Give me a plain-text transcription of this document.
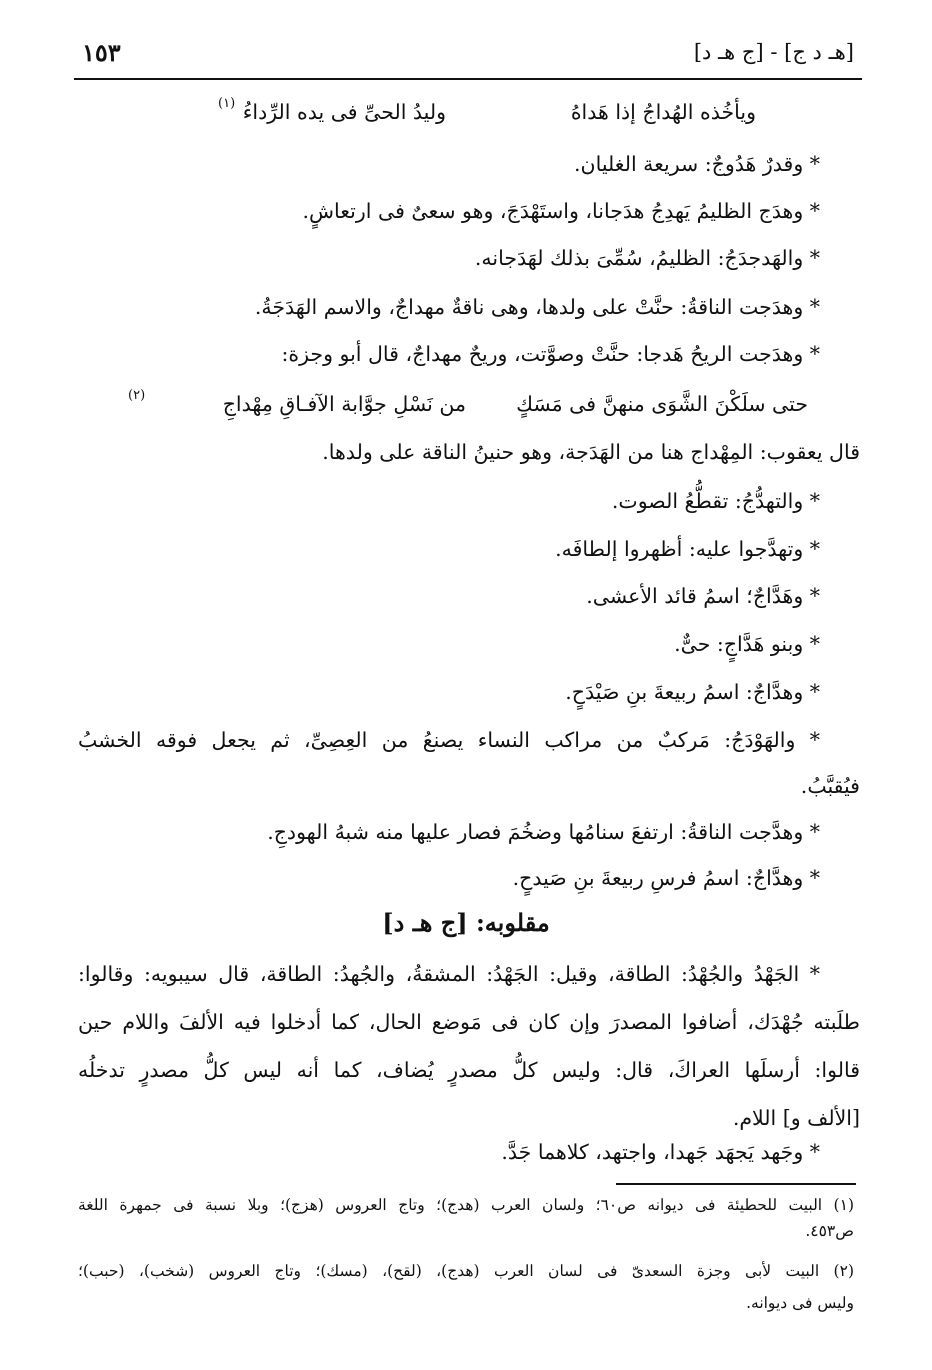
١٥٣	[هـ د ج] - [ج هـ د]
ويأخُذه الهُداجُ إذا هَداهُ
وليدُ الحىِّ فى يده الرِّداءُ
(١)
* وقدرٌ هَدُوجٌ: سريعة الغليان.
* وهدَج الظليمُ يَهدِجُ هدَجانا، واستَهْدَجَ، وهو سعىٌ فى ارتعاشٍ.
* والهَدجدَجُ: الظليمُ، سُمِّىَ بذلك لهَدَجانه.
* وهدَجت الناقةُ: حنَّتْ على ولدها، وهى ناقةٌ مهداجٌ، والاسم الهَدَجَةُ.
* وهدَجت الريحُ هَدجا: حنَّتْ وصوَّتت، وريحٌ مهداجٌ، قال أبو وجزة:
حتى سلَكْنَ الشَّوَى منهنَّ فى مَسَكٍ
من نَسْلِ جوَّابة الآفـاقِ مِهْداجِ
(٢)
قال يعقوب: المِهْداج هنا من الهَدَجة، وهو حنينُ الناقة على ولدها.
* والتهدُّجُ: تقطُّعُ الصوت.
* وتهدَّجوا عليه: أظهروا إلطافَه.
* وهَدَّاجٌ؛ اسمُ قائد الأعشى.
* وبنو هَدَّاجٍ: حىٌّ.
* وهدَّاجٌ: اسمُ ربيعةَ بنِ صَيْدَحٍ.
* والهَوْدَجُ: مَركبٌ من مراكب النساء يصنعُ من العِصِىِّ، ثم يجعل فوقه الخشبُ
فيُقبَّبُ.
* وهدَّجت الناقةُ: ارتفعَ سنامُها وضخُمَ فصار عليها منه شبهُ الهودجِ.
* وهدَّاجٌ: اسمُ فرسِ ربيعةَ بنِ صَيدحٍ.
مقلوبه: [ج هـ د]
* الجَهْدُ والجُهْدُ: الطاقة، وقيل: الجَهْدُ: المشقةُ، والجُهدُ: الطاقة، قال سيبويه: وقالوا:
طلَبته جُهْدَك، أضافوا المصدرَ وإن كان فى مَوضع الحال، كما أدخلوا فيه الألفَ واللام حين
قالوا: أرسلَها العراكَ، قال: وليس كلُّ مصدرٍ يُضاف، كما أنه ليس كلُّ مصدرٍ تدخلُه
[الألف و] اللام.
* وجَهد يَجهَد جَهدا، واجتهد، كلاهما جَدَّ.
(١) البيت للحطيئة فى ديوانه ص٦٠؛ ولسان العرب (هدج)؛ وتاج العروس (هزج)؛ وبلا نسبة فى جمهرة اللغة
ص٤٥٣.
(٢) البيت لأبى وجزة السعدىّ فى لسان العرب (هدج)، (لقح)، (مسك)؛ وتاج العروس (شخب)، (حبب)؛
وليس فى ديوانه.
